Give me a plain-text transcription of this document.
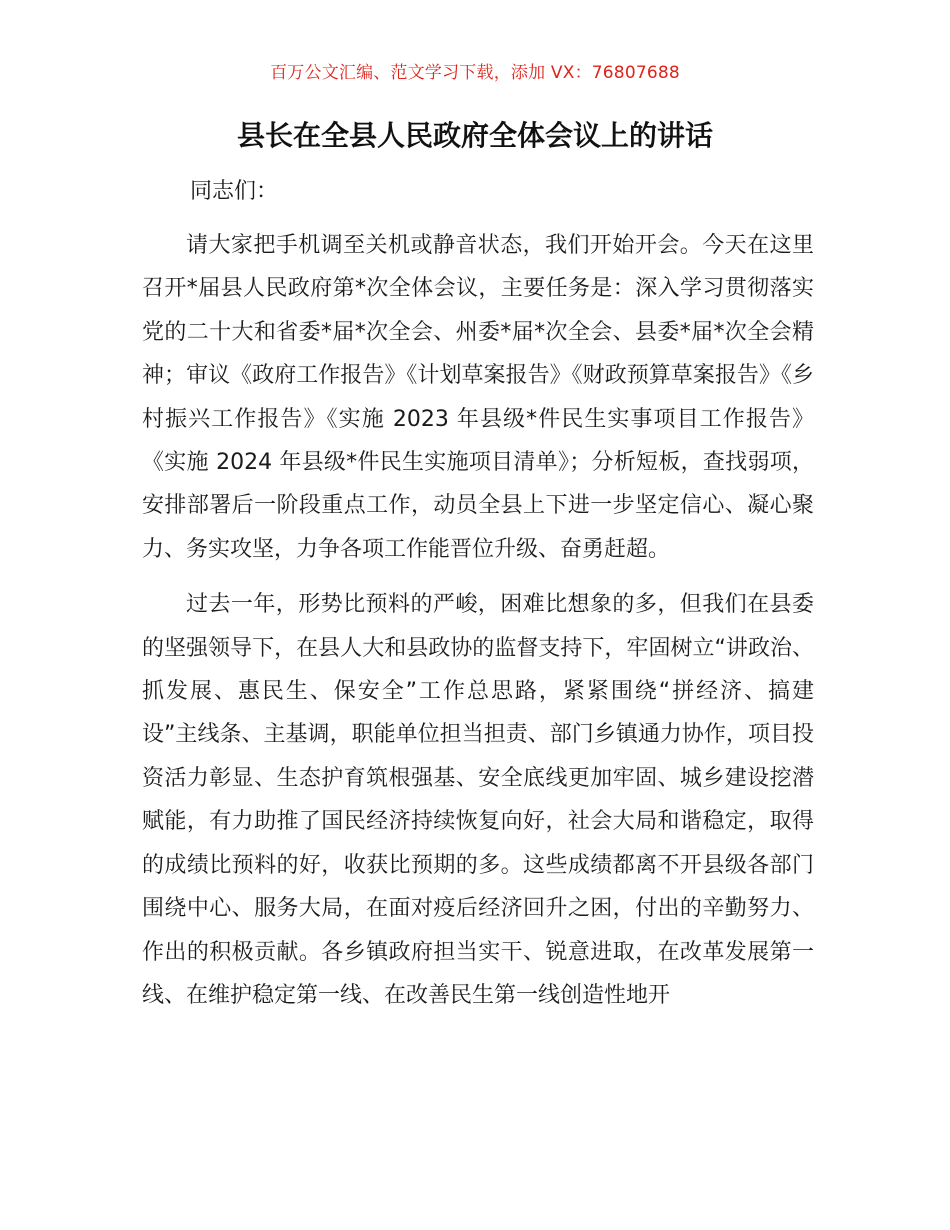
百万公文汇编、范文学习下载，添加 VX：76807688
县长在全县人民政府全体会议上的讲话
同志们：

请大家把手机调至关机或静音状态，我们开始开会。今天在这里召开*届县人民政府第*次全体会议，主要任务是：深入学习贯彻落实党的二十大和省委*届*次全会、州委*届*次全会、县委*届*次全会精神；审议《政府工作报告》《计划草案报告》《财政预算草案报告》《乡村振兴工作报告》《实施 2023 年县级*件民生实事项目工作报告》《实施 2024 年县级*件民生实施项目清单》；分析短板，查找弱项，安排部署后一阶段重点工作，动员全县上下进一步坚定信心、凝心聚力、务实攻坚，力争各项工作能晋位升级、奋勇赶超。

过去一年，形势比预料的严峻，困难比想象的多，但我们在县委的坚强领导下，在县人大和县政协的监督支持下，牢固树立“讲政治、抓发展、惠民生、保安全”工作总思路，紧紧围绕“拼经济、搞建设”主线条、主基调，职能单位担当担责、部门乡镇通力协作，项目投资活力彰显、生态护育筑根强基、安全底线更加牢固、城乡建设挖潜赋能，有力助推了国民经济持续恢复向好，社会大局和谐稳定，取得的成绩比预料的好，收获比预期的多。这些成绩都离不开县级各部门围绕中心、服务大局，在面对疫后经济回升之困，付出的辛勤努力、作出的积极贡献。各乡镇政府担当实干、锐意进取，在改革发展第一线、在维护稳定第一线、在改善民生第一线创造性地开
